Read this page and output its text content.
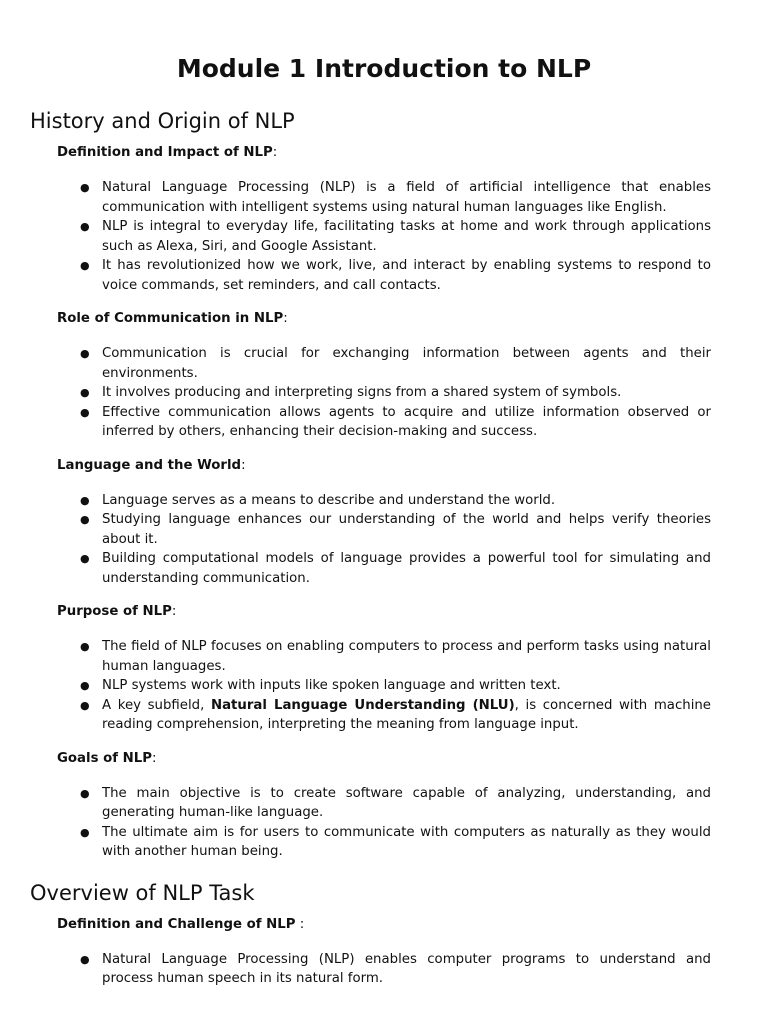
Module 1 Introduction to NLP
History and Origin of NLP

Definition and Impact of NLP:

● Natural Language Processing (NLP) is a field of artificial intelligence that enables communication with intelligent systems using natural human languages like English.
● NLP is integral to everyday life, facilitating tasks at home and work through applications such as Alexa, Siri, and Google Assistant.
● It has revolutionized how we work, live, and interact by enabling systems to respond to voice commands, set reminders, and call contacts.

Role of Communication in NLP:

● Communication is crucial for exchanging information between agents and their environments.
● It involves producing and interpreting signs from a shared system of symbols.
● Effective communication allows agents to acquire and utilize information observed or inferred by others, enhancing their decision-making and success.

Language and the World:

● Language serves as a means to describe and understand the world.
● Studying language enhances our understanding of the world and helps verify theories about it.
● Building computational models of language provides a powerful tool for simulating and understanding communication.

Purpose of NLP:

● The field of NLP focuses on enabling computers to process and perform tasks using natural human languages.
● NLP systems work with inputs like spoken language and written text.
● A key subfield, Natural Language Understanding (NLU), is concerned with machine reading comprehension, interpreting the meaning from language input.

Goals of NLP:

● The main objective is to create software capable of analyzing, understanding, and generating human-like language.
● The ultimate aim is for users to communicate with computers as naturally as they would with another human being.
Overview of NLP Task

Definition and Challenge of NLP :

● Natural Language Processing (NLP) enables computer programs to understand and process human speech in its natural form.
